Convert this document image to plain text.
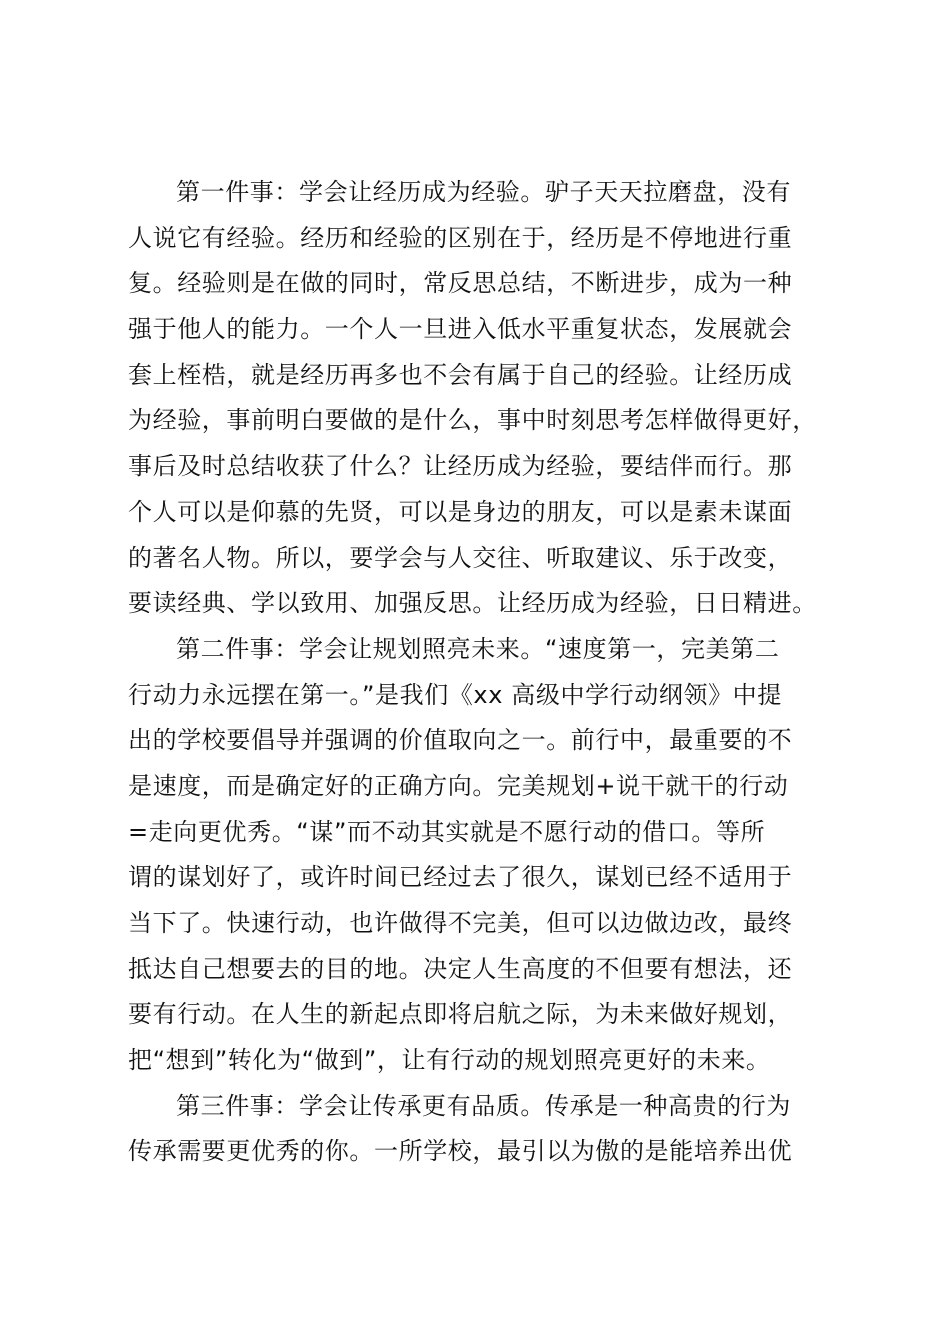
第一件事：学会让经历成为经验。驴子天天拉磨盘，没有
人说它有经验。经历和经验的区别在于，经历是不停地进行重
复。经验则是在做的同时，常反思总结，不断进步，成为一种
强于他人的能力。一个人一旦进入低水平重复状态，发展就会
套上桎梏，就是经历再多也不会有属于自己的经验。让经历成
为经验，事前明白要做的是什么，事中时刻思考怎样做得更好，
事后及时总结收获了什么？让经历成为经验，要结伴而行。那
个人可以是仰慕的先贤，可以是身边的朋友，可以是素未谋面
的著名人物。所以，要学会与人交往、听取建议、乐于改变，
要读经典、学以致用、加强反思。让经历成为经验，日日精进。
第二件事：学会让规划照亮未来。“速度第一，完美第二
行动力永远摆在第一。”是我们《xx 高级中学行动纲领》中提
出的学校要倡导并强调的价值取向之一。前行中，最重要的不
是速度，而是确定好的正确方向。完美规划+说干就干的行动
=走向更优秀。“谋”而不动其实就是不愿行动的借口。等所
谓的谋划好了，或许时间已经过去了很久，谋划已经不适用于
当下了。快速行动，也许做得不完美，但可以边做边改，最终
抵达自己想要去的目的地。决定人生高度的不但要有想法，还
要有行动。在人生的新起点即将启航之际，为未来做好规划，
把“想到”转化为“做到”，让有行动的规划照亮更好的未来。
第三件事：学会让传承更有品质。传承是一种高贵的行为
传承需要更优秀的你。一所学校，最引以为傲的是能培养出优
